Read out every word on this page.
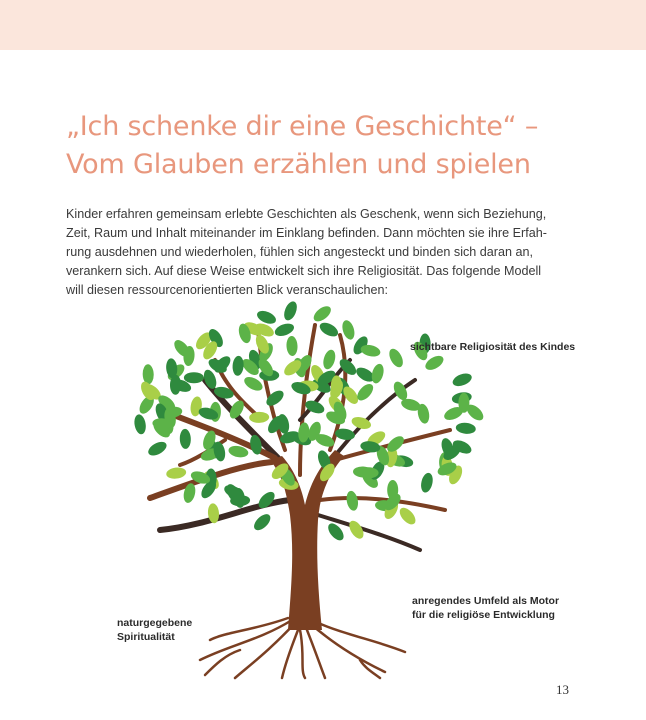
„Ich schenke dir eine Geschichte“ –
Vom Glauben erzählen und spielen

Kinder erfahren gemeinsam erlebte Geschichten als Geschenk, wenn sich Beziehung,
Zeit, Raum und Inhalt miteinander im Einklang befinden. Dann möchten sie ihre Erfah-
rung ausdehnen und wiederholen, fühlen sich angesteckt und binden sich daran an,
verankern sich. Auf diese Weise entwickelt sich ihre Religiosität. Das folgende Modell
will diesen ressourcenorientierten Blick veranschaulichen:

sichtbare Religiosität des Kindes

anregendes Umfeld als Motor
für die religiöse Entwicklung

naturgegebene
Spiritualität

13
